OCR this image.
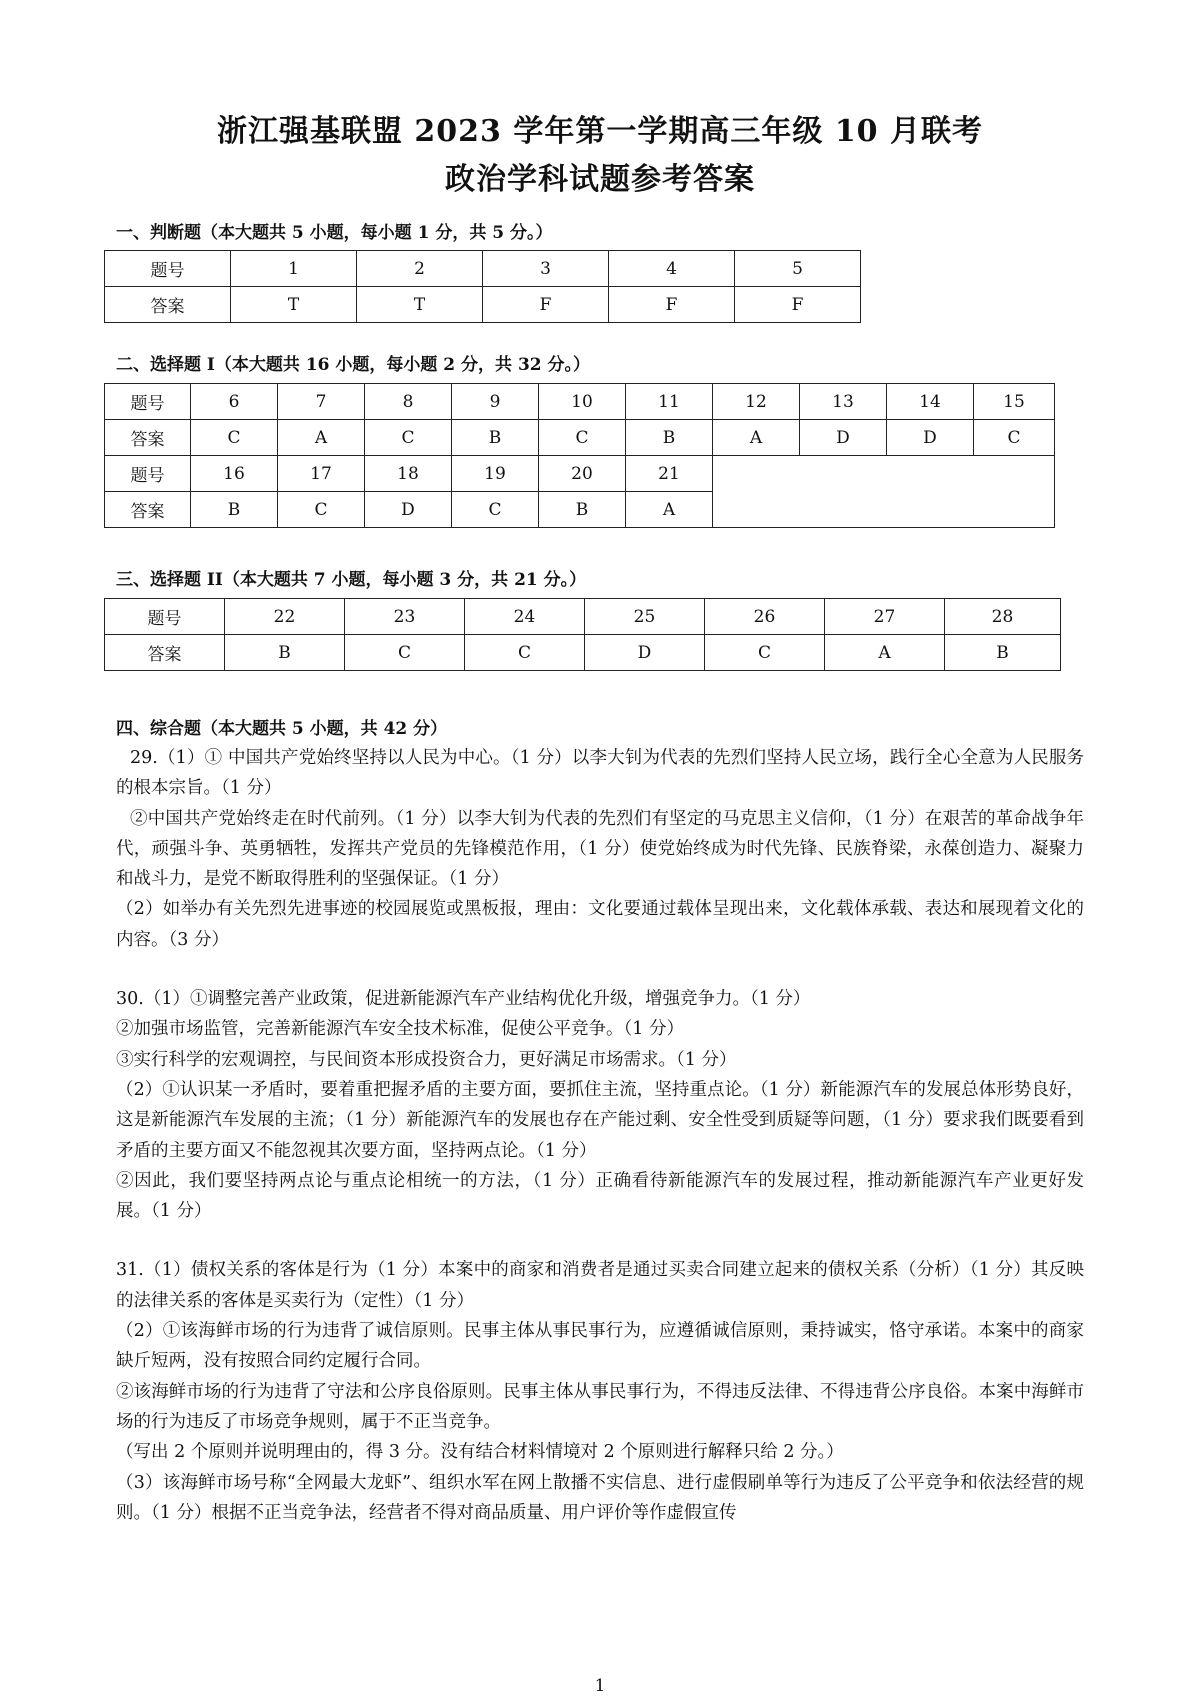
浙江强基联盟 2023 学年第一学期高三年级 10 月联考
政治学科试题参考答案
一、判断题（本大题共 5 小题，每小题 1 分，共 5 分。）
题号	1	2	3	4	5
答案	T	T	F	F	F
二、选择题 I（本大题共 16 小题，每小题 2 分，共 32 分。）
题号	6	7	8	9	10	11	12	13	14	15
答案	C	A	C	B	C	B	A	D	D	C
题号	16	17	18	19	20	21				
答案	B	C	D	C	B	A				
三、选择题 II（本大题共 7 小题，每小题 3 分，共 21 分。）
题号	22	23	24	25	26	27	28
答案	B	C	C	D	C	A	B
四、综合题（本大题共 5 小题，共 42 分）

29.（1）① 中国共产党始终坚持以人民为中心。（1 分）以李大钊为代表的先烈们坚持人民立场，践行全心全意为人民服务的根本宗旨。（1 分）

②中国共产党始终走在时代前列。（1 分）以李大钊为代表的先烈们有坚定的马克思主义信仰，（1 分）在艰苦的革命战争年代，顽强斗争、英勇牺牲，发挥共产党员的先锋模范作用，（1 分）使党始终成为时代先锋、民族脊梁，永葆创造力、凝聚力和战斗力，是党不断取得胜利的坚强保证。（1 分）

（2）如举办有关先烈先进事迹的校园展览或黑板报，理由：文化要通过载体呈现出来，文化载体承载、表达和展现着文化的内容。（3 分）

30.（1）①调整完善产业政策，促进新能源汽车产业结构优化升级，增强竞争力。（1 分）

②加强市场监管，完善新能源汽车安全技术标准，促使公平竞争。（1 分）

③实行科学的宏观调控，与民间资本形成投资合力，更好满足市场需求。（1 分）

（2）①认识某一矛盾时，要着重把握矛盾的主要方面，要抓住主流，坚持重点论。（1 分）新能源汽车的发展总体形势良好，这是新能源汽车发展的主流；（1 分）新能源汽车的发展也存在产能过剩、安全性受到质疑等问题，（1 分）要求我们既要看到矛盾的主要方面又不能忽视其次要方面，坚持两点论。（1 分）

②因此，我们要坚持两点论与重点论相统一的方法，（1 分）正确看待新能源汽车的发展过程，推动新能源汽车产业更好发展。（1 分）

31.（1）债权关系的客体是行为（1 分）本案中的商家和消费者是通过买卖合同建立起来的债权关系（分析）（1 分）其反映的法律关系的客体是买卖行为（定性）（1 分）

（2）①该海鲜市场的行为违背了诚信原则。民事主体从事民事行为，应遵循诚信原则，秉持诚实，恪守承诺。本案中的商家缺斤短两，没有按照合同约定履行合同。

②该海鲜市场的行为违背了守法和公序良俗原则。民事主体从事民事行为，不得违反法律、不得违背公序良俗。本案中海鲜市场的行为违反了市场竞争规则，属于不正当竞争。

（写出 2 个原则并说明理由的，得 3 分。没有结合材料情境对 2 个原则进行解释只给 2 分。）

（3）该海鲜市场号称“全网最大龙虾”、组织水军在网上散播不实信息、进行虚假刷单等行为违反了公平竞争和依法经营的规则。（1 分）根据不正当竞争法，经营者不得对商品质量、用户评价等作虚假宣传

1
